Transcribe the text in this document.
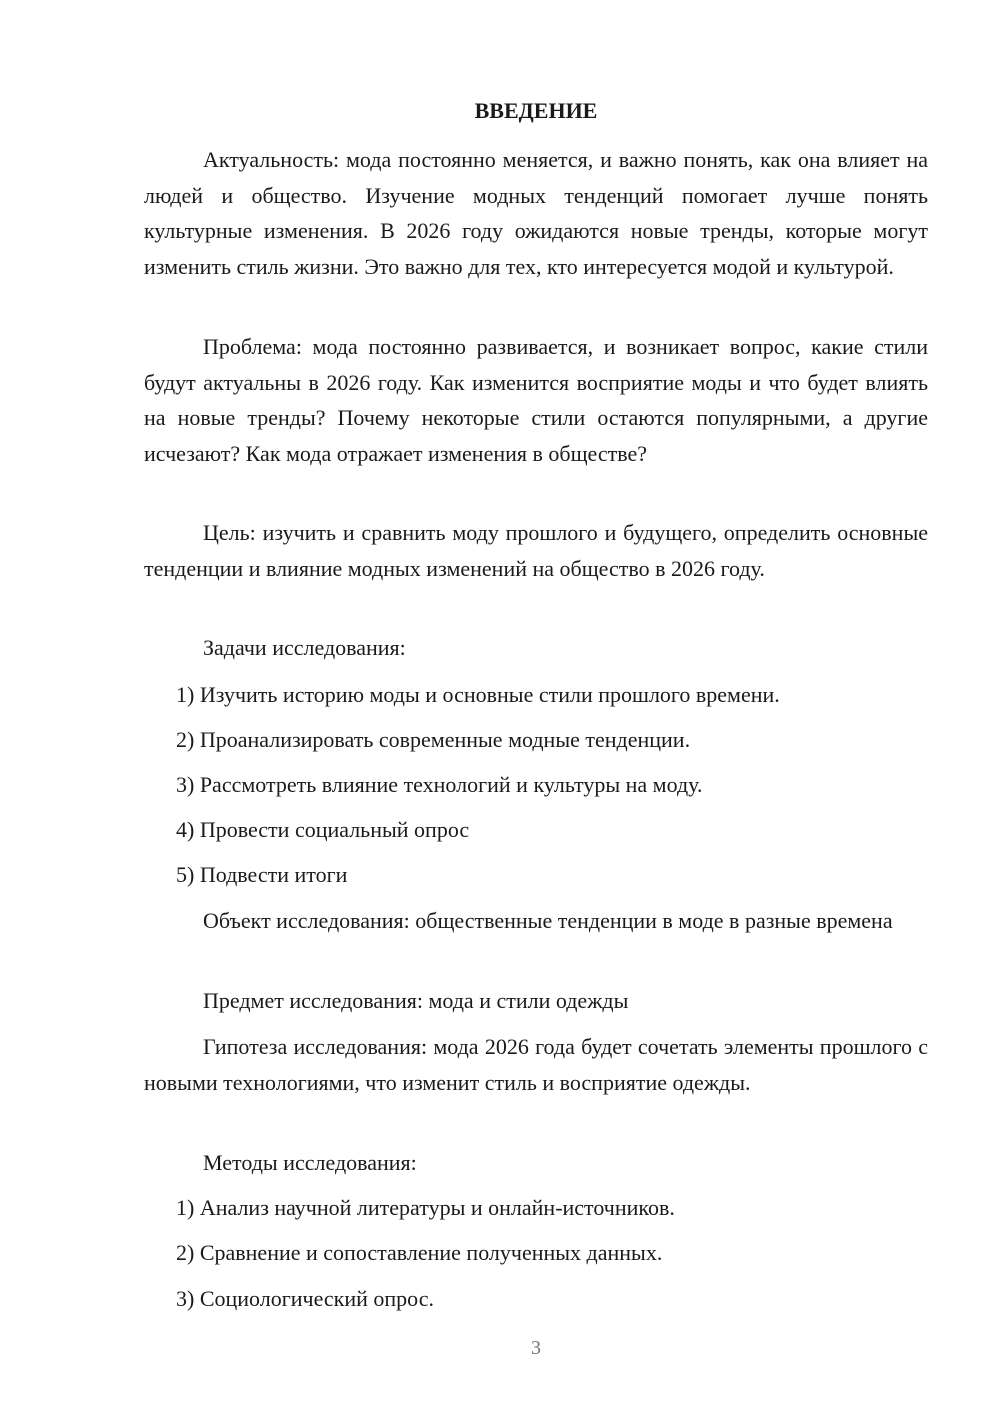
ВВЕДЕНИЕ
Актуальность: мода постоянно меняется, и важно понять, как она влияет на людей и общество. Изучение модных тенденций помогает лучше понять культурные изменения. В 2026 году ожидаются новые тренды, которые могут изменить стиль жизни. Это важно для тех, кто интересуется модой и культурой.
Проблема: мода постоянно развивается, и возникает вопрос, какие стили будут актуальны в 2026 году. Как изменится восприятие моды и что будет влиять на новые тренды? Почему некоторые стили остаются популярными, а другие исчезают? Как мода отражает изменения в обществе?
Цель: изучить и сравнить моду прошлого и будущего, определить основные тенденции и влияние модных изменений на общество в 2026 году.
Задачи исследования:
1) Изучить историю моды и основные стили прошлого времени.
2) Проанализировать современные модные тенденции.
3) Рассмотреть влияние технологий и культуры на моду.
4) Провести социальный опрос
5) Подвести итоги
Объект исследования: общественные тенденции в моде в разные времена
Предмет исследования: мода и стили одежды
Гипотеза исследования: мода 2026 года будет сочетать элементы прошлого с новыми технологиями, что изменит стиль и восприятие одежды.
Методы исследования:
1) Анализ научной литературы и онлайн-источников.
2) Сравнение и сопоставление полученных данных.
3) Социологический опрос.
3
